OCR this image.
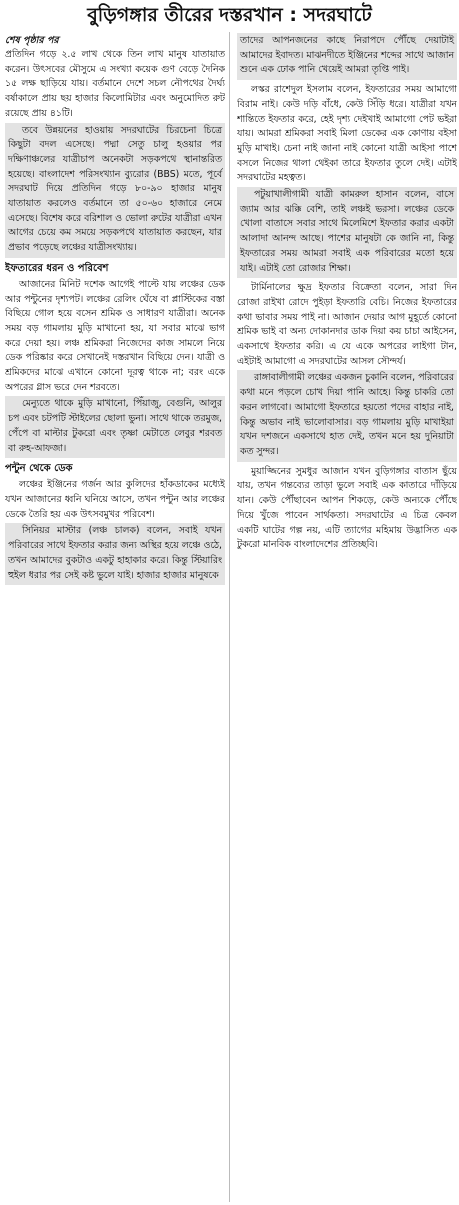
বুড়িগঙ্গার তীরের দস্তরখান : সদরঘাটে
শেষ পৃষ্ঠার পর

প্রতিদিন গড়ে ২.৫ লাখ থেকে তিন লাখ মানুষ যাতায়াত করেন। উৎসবের মৌসুমে এ সংখ্যা কয়েক গুণ বেড়ে দৈনিক ১৫ লক্ষ ছাড়িয়ে যায়। বর্তমানে দেশে সচল নৌপথের দৈর্ঘ্য বর্ষাকালে প্রায় ছয় হাজার কিলোমিটার এবং অনুমোদিত রুট রয়েছে প্রায় ৪১টি।

তবে উন্নয়নের হাওয়ায় সদরঘাটের চিরচেনা চিত্রে কিছুটা বদল এসেছে। পদ্মা সেতু চালু হওয়ার পর দক্ষিণাঞ্চলের যাত্রীচাপ অনেকটা সড়কপথে স্থানান্তরিত হয়েছে। বাংলাদেশ পরিসংখ্যান ব্যুরোর (BBS) মতে, পূর্বে সদরঘাট দিয়ে প্রতিদিন গড়ে ৮০-৯০ হাজার মানুষ যাতায়াত করলেও বর্তমানে তা ৫০-৬০ হাজারে নেমে এসেছে। বিশেষ করে বরিশাল ও ভোলা রুটের যাত্রীরা এখন আগের চেয়ে কম সময়ে সড়কপথে যাতায়াত করছেন, যার প্রভাব পড়েছে লঞ্চের যাত্রীসংখ্যায়।

ইফতারের ধরন ও পরিবেশ

আজানের মিনিট দশেক আগেই পাল্টে যায় লঞ্চের ডেক আর পন্টুনের দৃশ্যপট। লঞ্চের রেলিং ঘেঁষে বা প্লাস্টিকের বস্তা বিছিয়ে গোল হয়ে বসেন শ্রমিক ও সাধারণ যাত্রীরা। অনেক সময় বড় গামলায় মুড়ি মাখানো হয়, যা সবার মাঝে ভাগ করে দেয়া হয়। লঞ্চ শ্রমিকরা নিজেদের কাজ সামলে নিয়ে ডেক পরিষ্কার করে সেখানেই দস্তরখান বিছিয়ে দেন। যাত্রী ও শ্রমিকদের মাঝে এখানে কোনো দূরত্ব থাকে না; বরং একে অপরের গ্লাস ভরে দেন শরবতে।

মেন্যুতে থাকে মুড়ি মাখানো, পিঁয়াজু, বেগুনি, আলুর চপ এবং চটপটি স্টাইলের ছোলা ভুনা। সাথে থাকে তরমুজ, পেঁপে বা মাল্টার টুকরো এবং তৃষ্ণা মেটাতে লেবুর শরবত বা রুহ-আফজা।

পন্টুন থেকে ডেক

লঞ্চের ইঞ্জিনের গর্জন আর কুলিদের হাঁকডাকের মধ্যেই যখন আজানের ধ্বনি ঘনিয়ে আসে, তখন পন্টুন আর লঞ্চের ডেকে তৈরি হয় এক উৎসবমুখর পরিবেশ।

সিনিয়র মাস্টার (লঞ্চ চালক) বলেন, সবাই যখন পরিবারের সাথে ইফতার করার জন্য অস্থির হয়ে লঞ্চে ওঠে, তখন আমাদের বুকটাও একটু হাহাকার করে। কিন্তু স্টিয়ারিং হুইল ধরার পর সেই কষ্ট ভুলে যাই। হাজার হাজার মানুষকে

তাদের আপনজনের কাছে নিরাপদে পৌঁছে দেয়াটাই আমাদের ইবাদত। মাঝনদীতে ইঞ্জিনের শব্দের সাথে আজান শুনে এক ঢোক পানি খেয়েই আমরা তৃপ্তি পাই।

লস্কর রাশেদুল ইসলাম বলেন, ইফতারের সময় আমাগো বিরাম নাই। কেউ দড়ি বাঁধে, কেউ সিঁড়ি ধরে। যাত্রীরা যখন শান্তিতে ইফতার করে, হেই দৃশ্য দেইখাই আমাগো পেট ভইরা যায়। আমরা শ্রমিকরা সবাই মিলা ডেকের এক কোণায় বইসা মুড়ি মাখাই। চেনা নাই জানা নাই কোনো যাত্রী আইসা পাশে বসলে নিজের থালা থেইকা তারে ইফতার তুলে দেই। এটাই সদরঘাটের মহত্বত।

পটুয়াখালীগামী যাত্রী কামরুল হাসান বলেন, বাসে জ্যাম আর ঝক্কি বেশি, তাই লঞ্চই ভরসা। লঞ্চের ডেকে খোলা বাতাসে সবার সাথে মিলেমিশে ইফতার করার একটা আলাদা আনন্দ আছে। পাশের মানুষটা কে জানি না, কিন্তু ইফতারের সময় আমরা সবাই এক পরিবারের মতো হয়ে যাই। এটাই তো রোজার শিক্ষা।

টার্মিনালের ক্ষুদ্র ইফতার বিক্রেতা বলেন, সারা দিন রোজা রাইখা রোদে পুইড়া ইফতারি বেচি। নিজের ইফতারের কথা ভাবার সময় পাই না। আজান দেয়ার আগ মুহূর্তে কোনো শ্রমিক ভাই বা অন্য দোকানদার ডাক দিয়া কয় চাচা আইসেন, একসাথে ইফতার করি। এ যে একে অপরের লাইগা টান, এইটাই আমাগো এ সদরঘাটের আসল সৌন্দর্য।

রাঙ্গাবালীগামী লঞ্চের একজন চুকানি বলেন, পরিবারের কথা মনে পড়লে চোখ দিয়া পানি আহে। কিন্তু চাকরি তো করন লাগবো। আমাগো ইফতারে হয়তো পদের বাহার নাই, কিন্তু অভাব নাই ভালোবাসার। বড় গামলায় মুড়ি মাখাইয়া যখন দশজনে একসাথে হাত দেই, তখন মনে হয় দুনিয়াটা কত সুন্দর।

মুয়াজ্জিনের সুমধুর আজান যখন বুড়িগঙ্গার বাতাস ছুঁয়ে যায়, তখন গন্তব্যের তাড়া ভুলে সবাই এক কাতারে দাঁড়িয়ে যান। কেউ পৌঁছাবেন আপন শিকড়ে, কেউ অন্যকে পৌঁছে দিয়ে খুঁজে পাবেন সার্থকতা। সদরঘাটের এ চিত্র কেবল একটি ঘাটের গল্প নয়, এটি ত্যাগের মহিমায় উদ্ভাসিত এক টুকরো মানবিক বাংলাদেশের প্রতিচ্ছবি।
